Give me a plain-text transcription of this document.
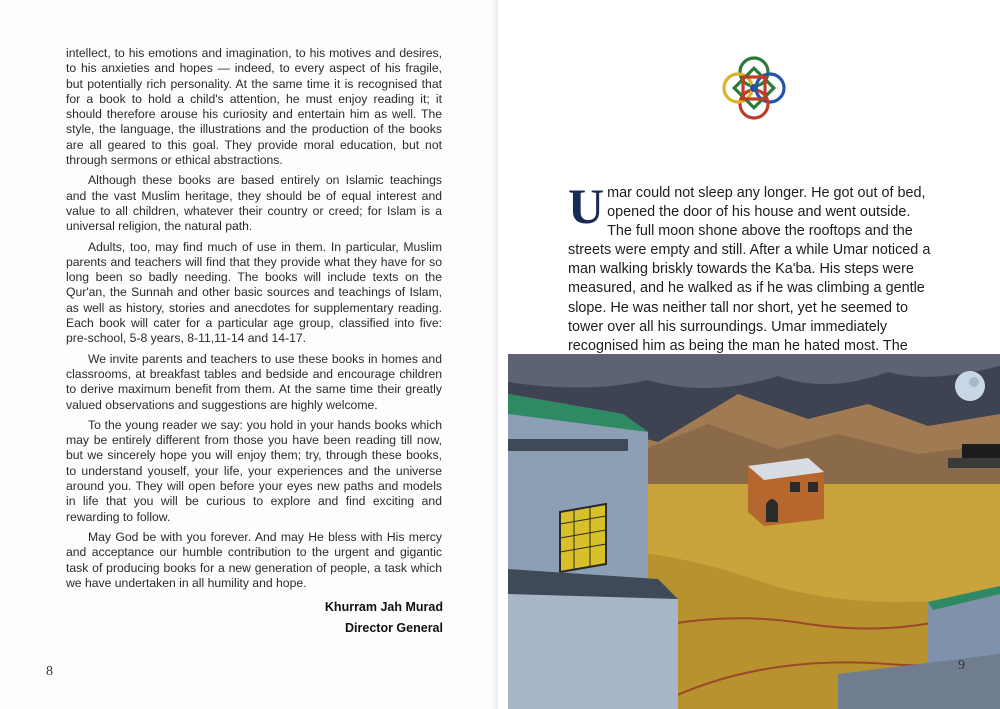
intellect, to his emotions and imagination, to his motives and desires, to his anxieties and hopes — indeed, to every aspect of his fragile, but potentially rich personality. At the same time it is recognised that for a book to hold a child's attention, he must enjoy reading it; it should therefore arouse his curiosity and entertain him as well. The style, the language, the illustrations and the production of the books are all geared to this goal. They provide moral education, but not through sermons or ethical abstractions.

Although these books are based entirely on Islamic teachings and the vast Muslim heritage, they should be of equal interest and value to all children, whatever their country or creed; for Islam is a universal religion, the natural path.

Adults, too, may find much of use in them. In particular, Muslim parents and teachers will find that they provide what they have for so long been so badly needing. The books will include texts on the Qur'an, the Sunnah and other basic sources and teachings of Islam, as well as history, stories and anecdotes for supplementary reading. Each book will cater for a particular age group, classified into five: pre-school, 5-8 years, 8-11,11-14 and 14-17.

We invite parents and teachers to use these books in homes and classrooms, at breakfast tables and bedside and encourage children to derive maximum benefit from them. At the same time their greatly valued observations and suggestions are highly welcome.

To the young reader we say: you hold in your hands books which may be entirely different from those you have been reading till now, but we sincerely hope you will enjoy them; try, through these books, to understand youself, your life, your experiences and the universe around you. They will open before your eyes new paths and models in life that you will be curious to explore and find exciting and rewarding to follow.

May God be with you forever. And may He bless with His mercy and acceptance our humble contribution to the urgent and gigantic task of producing books for a new generation of people, a task which we have undertaken in all humility and hope.

Khurram Jah Murad
Director General
8
U mar could not sleep any longer. He got out of bed, opened the door of his house and went outside. The full moon shone above the rooftops and the streets were empty and still. After a while Umar noticed a man walking briskly towards the Ka'ba. His steps were measured, and he walked as if he was climbing a gentle slope. He was neither tall nor short, yet he seemed to tower over all his surroundings. Umar immediately recognised him as being the man he hated most. The

9
